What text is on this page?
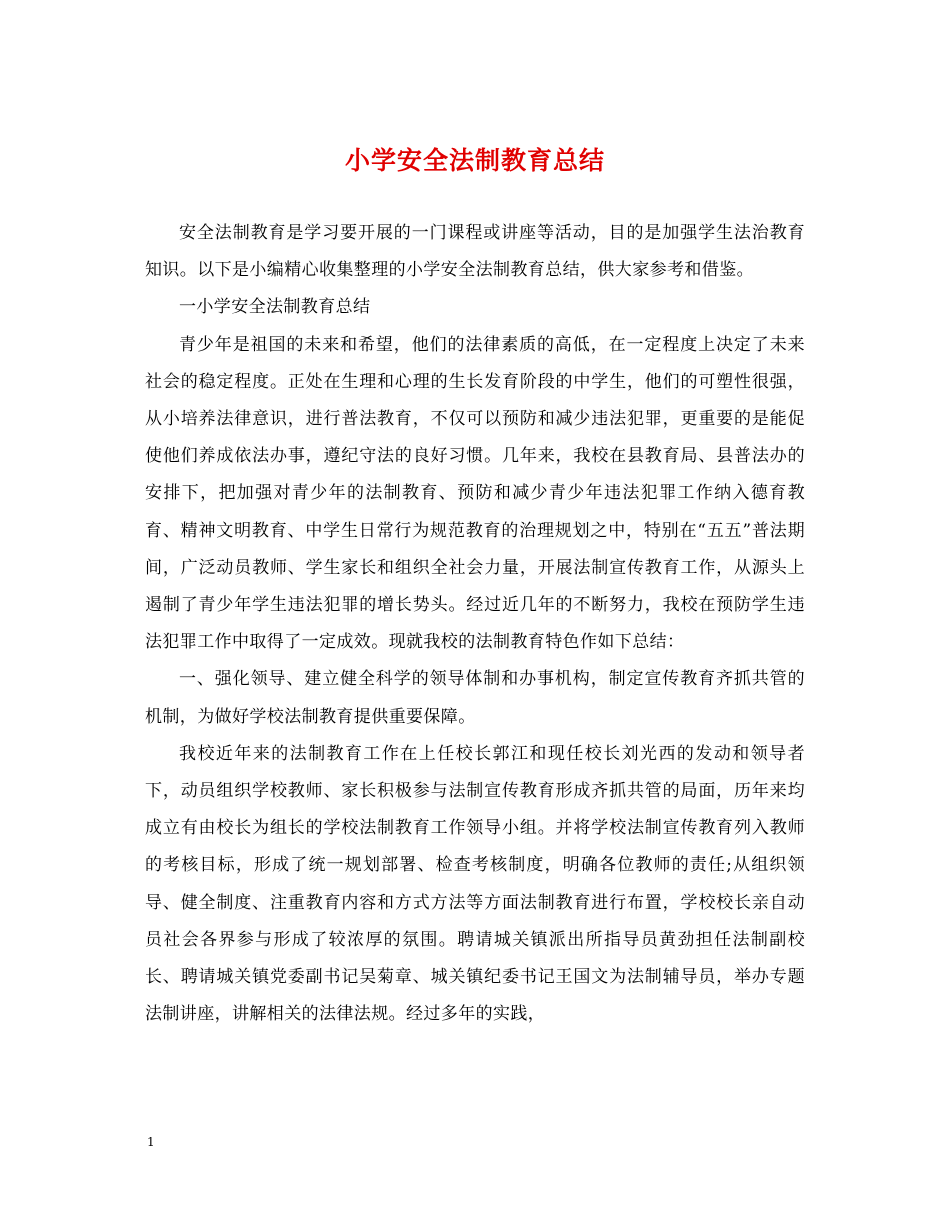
小学安全法制教育总结

安全法制教育是学习要开展的一门课程或讲座等活动，目的是加强学生法治教育知识。以下是小编精心收集整理的小学安全法制教育总结，供大家参考和借鉴。

一小学安全法制教育总结

青少年是祖国的未来和希望，他们的法律素质的高低，在一定程度上决定了未来社会的稳定程度。正处在生理和心理的生长发育阶段的中学生，他们的可塑性很强，从小培养法律意识，进行普法教育，不仅可以预防和减少违法犯罪，更重要的是能促使他们养成依法办事，遵纪守法的良好习惯。几年来，我校在县教育局、县普法办的安排下，把加强对青少年的法制教育、预防和减少青少年违法犯罪工作纳入德育教育、精神文明教育、中学生日常行为规范教育的治理规划之中，特别在“五五”普法期间，广泛动员教师、学生家长和组织全社会力量，开展法制宣传教育工作，从源头上遏制了青少年学生违法犯罪的增长势头。经过近几年的不断努力，我校在预防学生违法犯罪工作中取得了一定成效。现就我校的法制教育特色作如下总结：

一、强化领导、建立健全科学的领导体制和办事机构，制定宣传教育齐抓共管的机制，为做好学校法制教育提供重要保障。

我校近年来的法制教育工作在上任校长郭江和现任校长刘光西的发动和领导者下，动员组织学校教师、家长积极参与法制宣传教育形成齐抓共管的局面，历年来均成立有由校长为组长的学校法制教育工作领导小组。并将学校法制宣传教育列入教师的考核目标，形成了统一规划部署、检查考核制度，明确各位教师的责任;从组织领导、健全制度、注重教育内容和方式方法等方面法制教育进行布置，学校校长亲自动员社会各界参与形成了较浓厚的氛围。聘请城关镇派出所指导员黄劲担任法制副校长、聘请城关镇党委副书记吴菊章、城关镇纪委书记王国文为法制辅导员，举办专题法制讲座，讲解相关的法律法规。经过多年的实践，

1
